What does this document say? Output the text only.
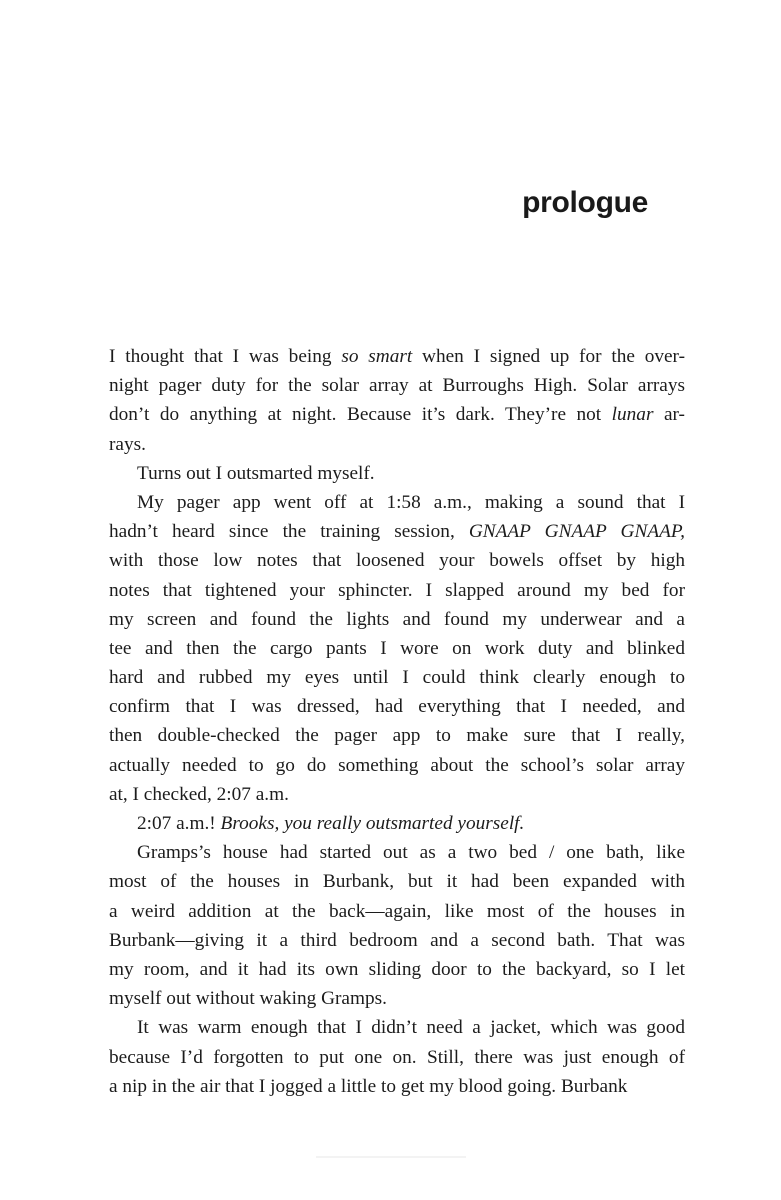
prologue
I thought that I was being so smart when I signed up for the over-
night pager duty for the solar array at Burroughs High. Solar arrays
don’t do anything at night. Because it’s dark. They’re not lunar ar-
rays.
Turns out I outsmarted myself.
My pager app went off at 1:58 a.m., making a sound that I
hadn’t heard since the training session, GNAAP GNAAP GNAAP,
with those low notes that loosened your bowels offset by high
notes that tightened your sphincter. I slapped around my bed for
my screen and found the lights and found my underwear and a
tee and then the cargo pants I wore on work duty and blinked
hard and rubbed my eyes until I could think clearly enough to
confirm that I was dressed, had everything that I needed, and
then double-checked the pager app to make sure that I really,
actually needed to go do something about the school’s solar array
at, I checked, 2:07 a.m.
2:07 a.m.! Brooks, you really outsmarted yourself.
Gramps’s house had started out as a two bed / one bath, like
most of the houses in Burbank, but it had been expanded with
a weird addition at the back—again, like most of the houses in
Burbank—giving it a third bedroom and a second bath. That was
my room, and it had its own sliding door to the backyard, so I let
myself out without waking Gramps.
It was warm enough that I didn’t need a jacket, which was good
because I’d forgotten to put one on. Still, there was just enough of
a nip in the air that I jogged a little to get my blood going. Burbank
